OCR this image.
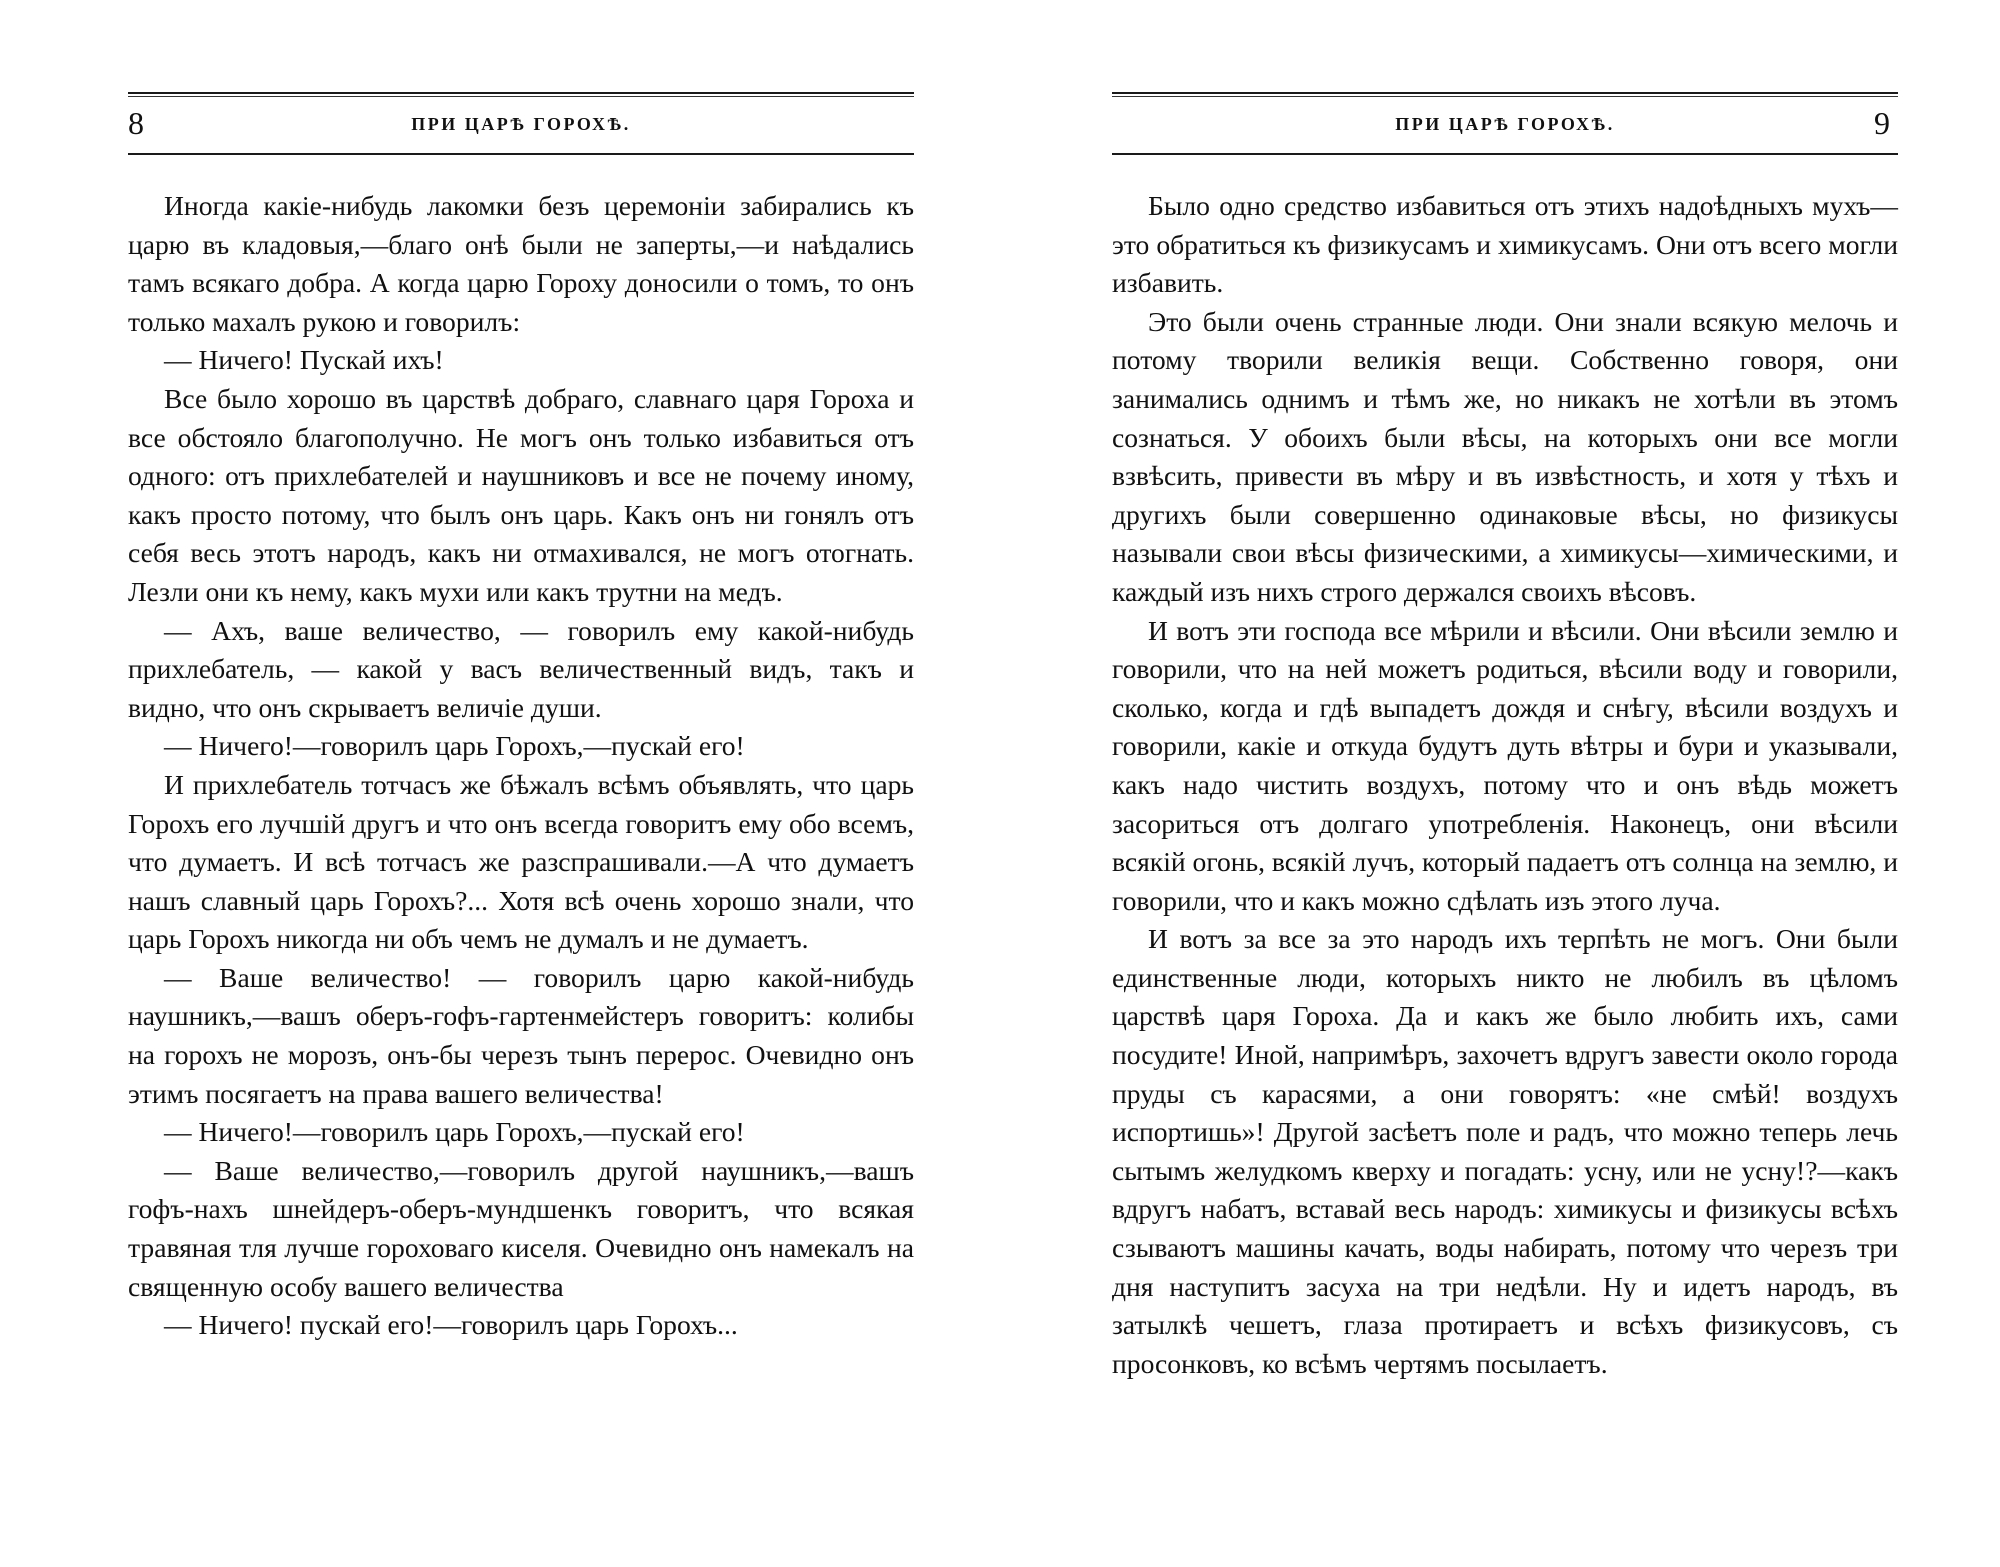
8	ПРИ ЦАРѢ ГОРОХѢ.

Иногда какіе-нибудь лакомки безъ церемоніи забирались къ царю въ кладовыя,—благо онѣ были не заперты,—и наѣдались тамъ всякаго добра. А когда царю Гороху доносили о томъ, то онъ только махалъ рукою и говорилъ:

— Ничего! Пускай ихъ!

Все было хорошо въ царствѣ добраго, славнаго царя Гороха и все обстояло благополучно. Не могъ онъ только избавиться отъ одного: отъ прихлебателей и наушниковъ и все не почему иному, какъ просто потому, что былъ онъ царь. Какъ онъ ни гонялъ отъ себя весь этотъ народъ, какъ ни отмахивался, не могъ отогнать. Лезли они къ нему, какъ мухи или какъ трутни на медъ.

— Ахъ, ваше величество, — говорилъ ему какой-нибудь прихлебатель, — какой у васъ величественный видъ, такъ и видно, что онъ скрываетъ величіе души.

— Ничего!—говорилъ царь Горохъ,—пускай его!

И прихлебатель тотчасъ же бѣжалъ всѣмъ объявлять, что царь Горохъ его лучшій другъ и что онъ всегда говоритъ ему обо всемъ, что думаетъ. И всѣ тотчасъ же разспрашивали.—А что думаетъ нашъ славный царь Горохъ?... Хотя всѣ очень хорошо знали, что царь Горохъ никогда ни объ чемъ не думалъ и не думаетъ.

— Ваше величество! — говорилъ царю какой-нибудь наушникъ,—вашъ оберъ-гофъ-гартенмейстеръ говоритъ: колибы на горохъ не морозъ, онъ-бы черезъ тынъ перерос. Очевидно онъ этимъ посягаетъ на права вашего величества!

— Ничего!—говорилъ царь Горохъ,—пускай его!

— Ваше величество,—говорилъ другой наушникъ,—вашъ гофъ-нахъ шнейдеръ-оберъ-мундшенкъ говоритъ, что всякая травяная тля лучше гороховаго киселя. Очевидно онъ намекалъ на священную особу вашего величества

— Ничего! пускай его!—говорилъ царь Горохъ...

ПРИ ЦАРѢ ГОРОХѢ.	9

Было одно средство избавиться отъ этихъ надоѣдныхъ мухъ—это обратиться къ физикусамъ и химикусамъ. Они отъ всего могли избавить.

Это были очень странные люди. Они знали всякую мелочь и потому творили великія вещи. Собственно говоря, они занимались однимъ и тѣмъ же, но никакъ не хотѣли въ этомъ сознаться. У обоихъ были вѣсы, на которыхъ они все могли взвѣсить, привести въ мѣру и въ извѣстность, и хотя у тѣхъ и другихъ были совершенно одинаковые вѣсы, но физикусы называли свои вѣсы физическими, а химикусы—химическими, и каждый изъ нихъ строго держался своихъ вѣсовъ.

И вотъ эти господа все мѣрили и вѣсили. Они вѣсили землю и говорили, что на ней можетъ родиться, вѣсили воду и говорили, сколько, когда и гдѣ выпадетъ дождя и снѣгу, вѣсили воздухъ и говорили, какіе и откуда будутъ дуть вѣтры и бури и указывали, какъ надо чистить воздухъ, потому что и онъ вѣдь можетъ засориться отъ долгаго употребленія. Наконецъ, они вѣсили всякій огонь, всякій лучъ, который падаетъ отъ солнца на землю, и говорили, что и какъ можно сдѣлать изъ этого луча.

И вотъ за все за это народъ ихъ терпѣть не могъ. Они были единственные люди, которыхъ никто не любилъ въ цѣломъ царствѣ царя Гороха. Да и какъ же было любить ихъ, сами посудите! Иной, напримѣръ, захочетъ вдругъ завести около города пруды съ карасями, а они говорятъ: «не смѣй! воздухъ испортишь»! Другой засѣетъ поле и радъ, что можно теперь лечь сытымъ желудкомъ кверху и погадать: усну, или не усну!?—какъ вдругъ набатъ, вставай весь народъ: химикусы и физикусы всѣхъ сзываютъ машины качать, воды набирать, потому что черезъ три дня наступитъ засуха на три недѣли. Ну и идетъ народъ, въ затылкѣ чешетъ, глаза протираетъ и всѣхъ физикусовъ, съ просонковъ, ко всѣмъ чертямъ посылаетъ.
